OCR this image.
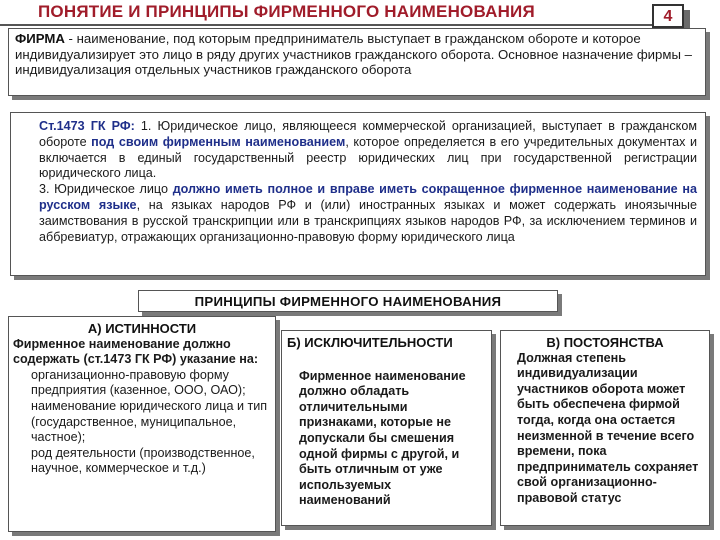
ПОНЯТИЕ И ПРИНЦИПЫ ФИРМЕННОГО НАИМЕНОВАНИЯ	4
ФИРМА - наименование, под которым предприниматель выступает в гражданском обороте и которое индивидуализирует это лицо в ряду других участников гражданского оборота. Основное назначение фирмы – индивидуализация отдельных участников гражданского оборота
Ст.1473 ГК РФ: 1. Юридическое лицо, являющееся коммерческой организацией, выступает в гражданском обороте под своим фирменным наименованием, которое определяется в его учредительных документах и включается в единый государственный реестр юридических лиц при государственной регистрации юридического лица.
3. Юридическое лицо должно иметь полное и вправе иметь сокращенное фирменное наименование на русском языке, на языках народов РФ и (или) иностранных языках и может содержать иноязычные заимствования в русской транскрипции или в транскрипциях языков народов РФ, за исключением терминов и аббревиатур, отражающих организационно-правовую форму юридического лица
ПРИНЦИПЫ ФИРМЕННОГО НАИМЕНОВАНИЯ
А) ИСТИННОСТИ
Фирменное наименование должно содержать (ст.1473 ГК РФ) указание на:
организационно-правовую форму предприятия (казенное, ООО, ОАО);
наименование юридического лица и тип (государственное, муниципальное, частное);
род деятельности (производственное, научное, коммерческое и т.д.)
Б) ИСКЛЮЧИТЕЛЬНОСТИ
Фирменное наименование должно обладать отличительными признаками, которые не допускали бы смешения одной фирмы с другой, и быть отличным от уже используемых наименований
В) ПОСТОЯНСТВА
Должная степень индивидуализации участников оборота может быть обеспечена фирмой тогда, когда она остается неизменной в течение всего времени, пока предприниматель сохраняет свой организационно-правовой статус
